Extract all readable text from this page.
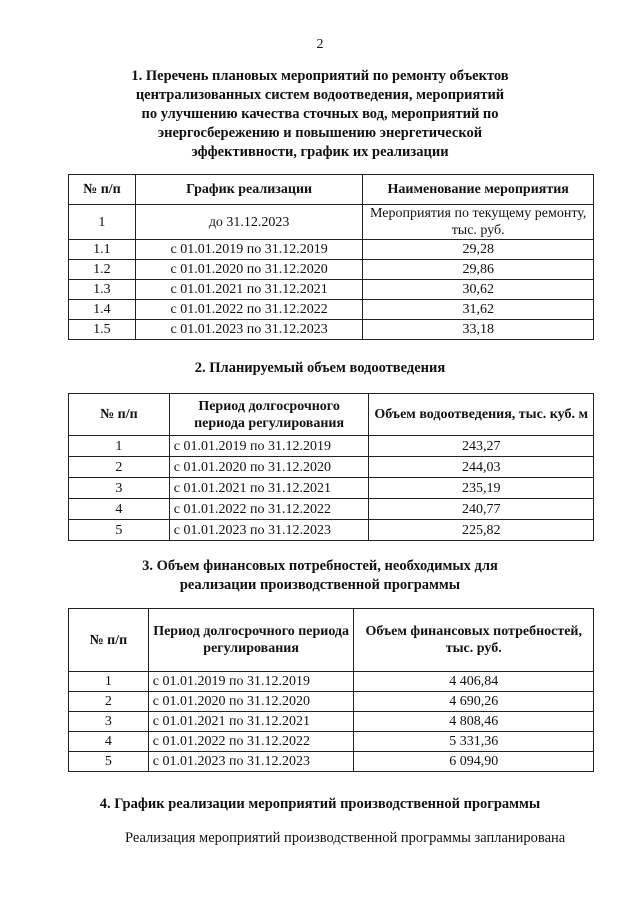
2
1. Перечень плановых мероприятий по ремонту объектов
централизованных систем водоотведения, мероприятий
по улучшению качества сточных вод, мероприятий по
энергосбережению и повышению энергетической
эффективности, график их реализации
№ п/п	График реализации	Наименование мероприятия
1	до 31.12.2023	Мероприятия по текущему ремонту, тыс. руб.
1.1	с 01.01.2019 по 31.12.2019	29,28
1.2	с 01.01.2020 по 31.12.2020	29,86
1.3	с 01.01.2021 по 31.12.2021	30,62
1.4	с 01.01.2022 по 31.12.2022	31,62
1.5	с 01.01.2023 по 31.12.2023	33,18
2. Планируемый объем водоотведения
№ п/п	Период долгосрочного периода регулирования	Объем водоотведения, тыс. куб. м
1	с 01.01.2019 по 31.12.2019	243,27
2	с 01.01.2020 по 31.12.2020	244,03
3	с 01.01.2021 по 31.12.2021	235,19
4	с 01.01.2022 по 31.12.2022	240,77
5	с 01.01.2023 по 31.12.2023	225,82
3. Объем финансовых потребностей, необходимых для
реализации производственной программы
№ п/п	Период долгосрочного периода регулирования	Объем финансовых потребностей, тыс. руб.
1	с 01.01.2019 по 31.12.2019	4 406,84
2	с 01.01.2020 по 31.12.2020	4 690,26
3	с 01.01.2021 по 31.12.2021	4 808,46
4	с 01.01.2022 по 31.12.2022	5 331,36
5	с 01.01.2023 по 31.12.2023	6 094,90
4. График реализации мероприятий производственной программы
Реализация мероприятий производственной программы запланирована
